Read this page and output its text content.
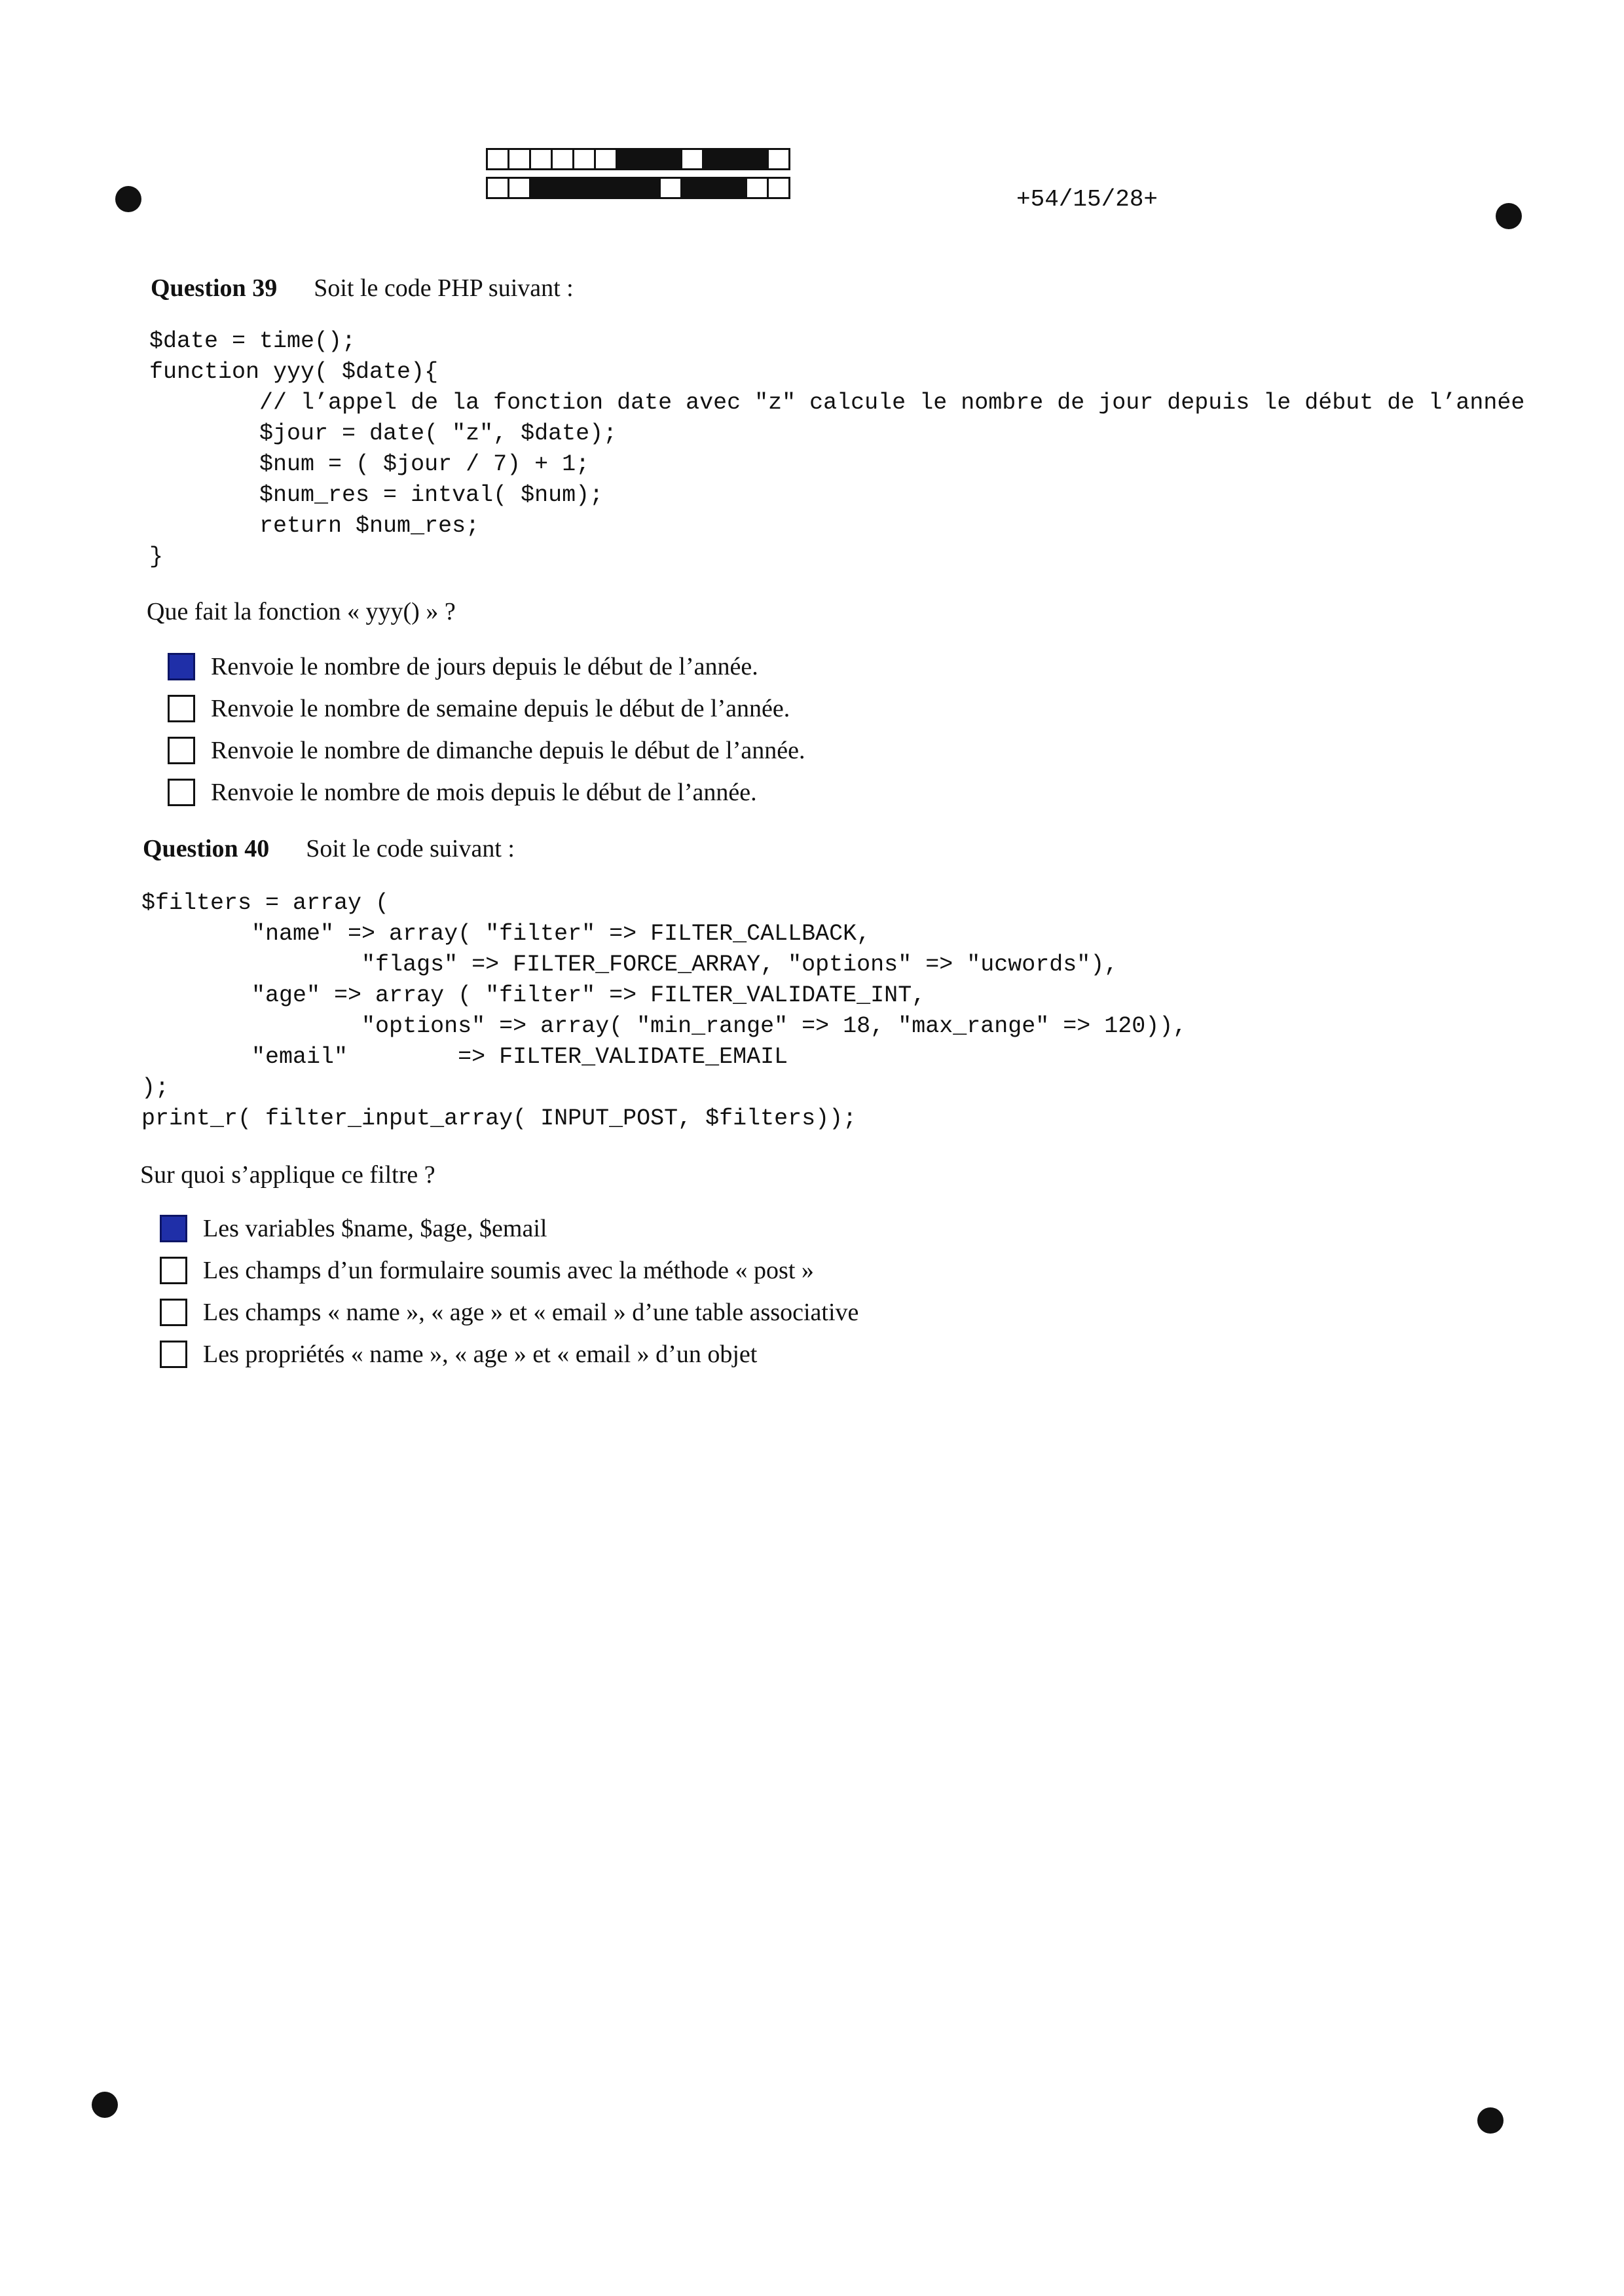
+54/15/28+
Question 39 Soit le code PHP suivant :
$date = time();
function yyy( $date){
// l’appel de la fonction date avec "z" calcule le nombre de jour depuis le début de l’année
$jour = date( "z", $date);
$num = ( $jour / 7) + 1;
$num_res = intval( $num);
return $num_res;
}
Que fait la fonction « yyy() » ?
Renvoie le nombre de jours depuis le début de l’année.
Renvoie le nombre de semaine depuis le début de l’année.
Renvoie le nombre de dimanche depuis le début de l’année.
Renvoie le nombre de mois depuis le début de l’année.
Question 40 Soit le code suivant :
$filters = array (
"name" => array( "filter" => FILTER_CALLBACK,
"flags" => FILTER_FORCE_ARRAY, "options" => "ucwords"),
"age" => array ( "filter" => FILTER_VALIDATE_INT,
"options" => array( "min_range" => 18, "max_range" => 120)),
"email"        => FILTER_VALIDATE_EMAIL
);
print_r( filter_input_array( INPUT_POST, $filters));
Sur quoi s’applique ce filtre ?
Les variables $name, $age, $email
Les champs d’un formulaire soumis avec la méthode « post »
Les champs « name », « age » et « email » d’une table associative
Les propriétés « name », « age » et « email » d’un objet
